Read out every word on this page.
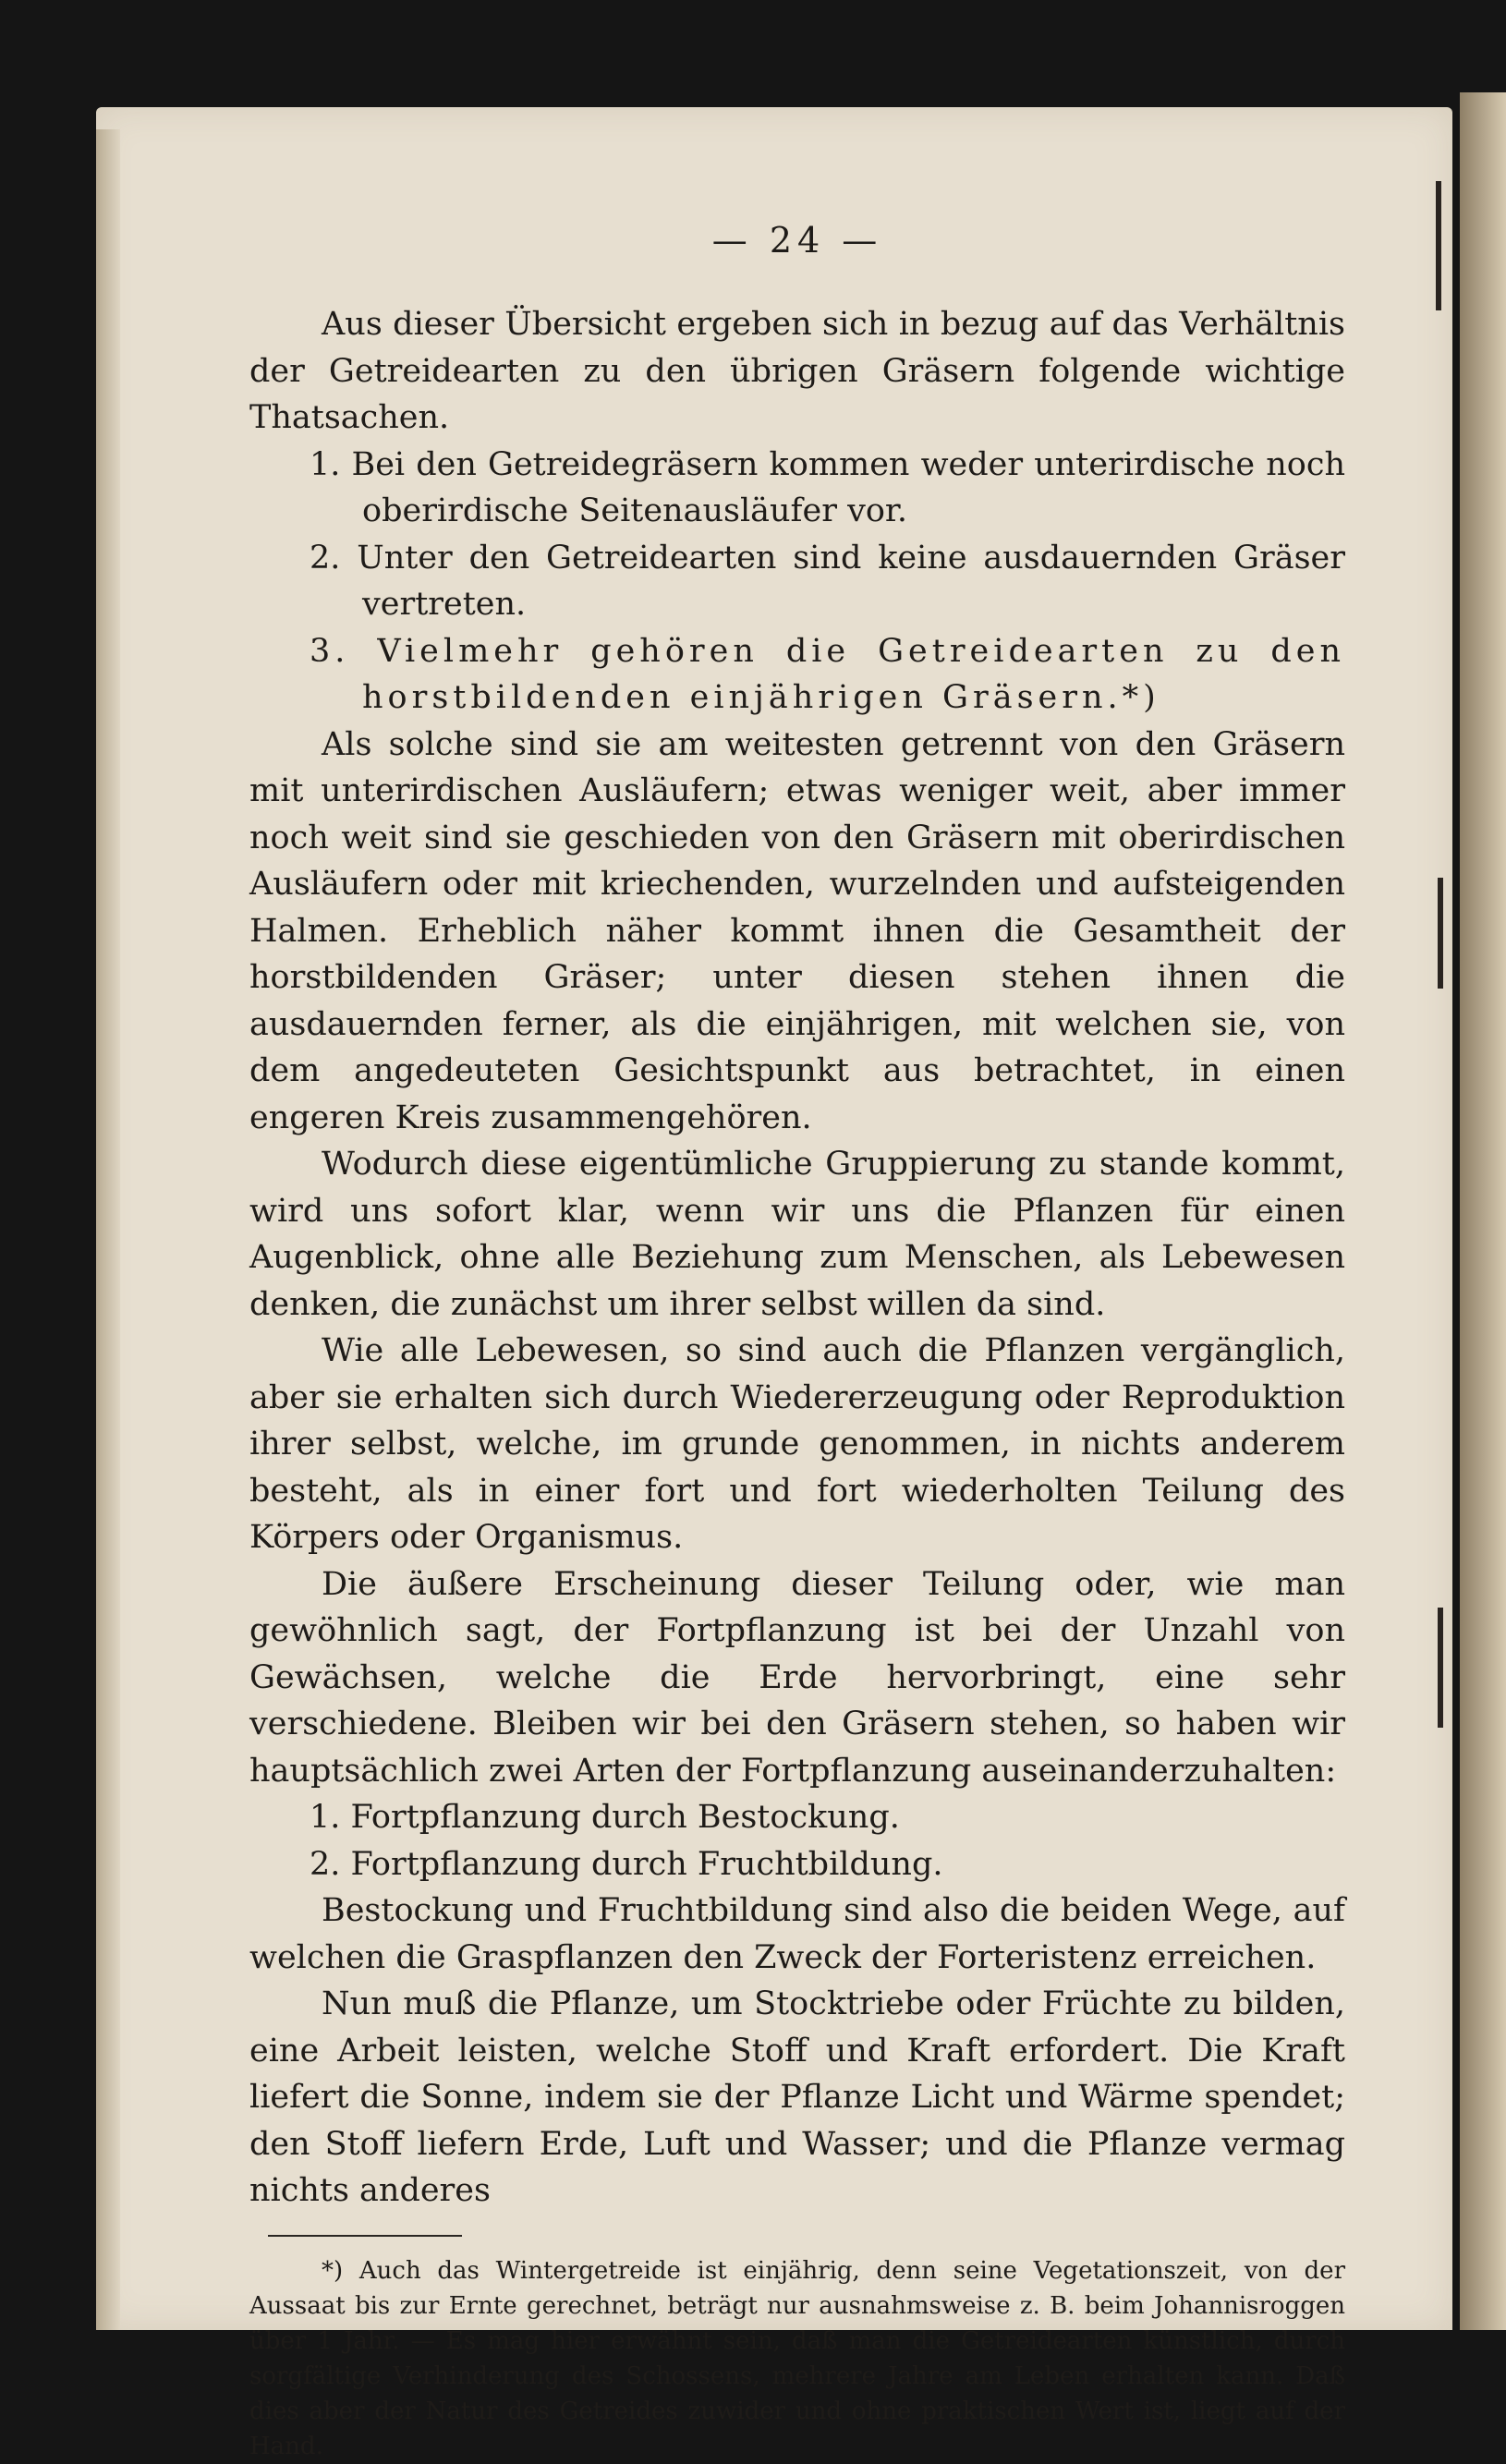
— 24 —

Aus dieser Übersicht ergeben sich in bezug auf das Verhältnis der Getreidearten zu den übrigen Gräsern folgende wichtige Thatsachen.

1. Bei den Getreidegräsern kommen weder unterirdische noch oberirdische Seitenausläufer vor.
2. Unter den Getreidearten sind keine ausdauernden Gräser vertreten.
3. Vielmehr gehören die Getreidearten zu den horstbildenden einjährigen Gräsern.*)

Als solche sind sie am weitesten getrennt von den Gräsern mit unterirdischen Ausläufern; etwas weniger weit, aber immer noch weit sind sie geschieden von den Gräsern mit oberirdischen Ausläufern oder mit kriechenden, wurzelnden und aufsteigenden Halmen. Erheblich näher kommt ihnen die Gesamtheit der horstbildenden Gräser; unter diesen stehen ihnen die ausdauernden ferner, als die einjährigen, mit welchen sie, von dem angedeuteten Gesichtspunkt aus betrachtet, in einen engeren Kreis zusammengehören.

Wodurch diese eigentümliche Gruppierung zu stande kommt, wird uns sofort klar, wenn wir uns die Pflanzen für einen Augenblick, ohne alle Beziehung zum Menschen, als Lebewesen denken, die zunächst um ihrer selbst willen da sind.

Wie alle Lebewesen, so sind auch die Pflanzen vergänglich, aber sie erhalten sich durch Wiedererzeugung oder Reproduktion ihrer selbst, welche, im grunde genommen, in nichts anderem besteht, als in einer fort und fort wiederholten Teilung des Körpers oder Organismus.

Die äußere Erscheinung dieser Teilung oder, wie man gewöhnlich sagt, der Fortpflanzung ist bei der Unzahl von Gewächsen, welche die Erde hervorbringt, eine sehr verschiedene. Bleiben wir bei den Gräsern stehen, so haben wir hauptsächlich zwei Arten der Fortpflanzung auseinanderzuhalten:

1. Fortpflanzung durch Bestockung.
2. Fortpflanzung durch Fruchtbildung.

Bestockung und Fruchtbildung sind also die beiden Wege, auf welchen die Graspflanzen den Zweck der Forteristenz erreichen.

Nun muß die Pflanze, um Stocktriebe oder Früchte zu bilden, eine Arbeit leisten, welche Stoff und Kraft erfordert. Die Kraft liefert die Sonne, indem sie der Pflanze Licht und Wärme spendet; den Stoff liefern Erde, Luft und Wasser; und die Pflanze vermag nichts anderes

*) Auch das Wintergetreide ist einjährig, denn seine Vegetationszeit, von der Aussaat bis zur Ernte gerechnet, beträgt nur ausnahmsweise z. B. beim Johannisroggen über 1 Jahr. — Es mag hier erwähnt sein, daß man die Getreidearten künstlich, durch sorgfältige Verhinderung des Schossens, mehrere Jahre am Leben erhalten kann. Daß dies aber der Natur des Getreides zuwider und ohne praktischen Wert ist, liegt auf der Hand.
